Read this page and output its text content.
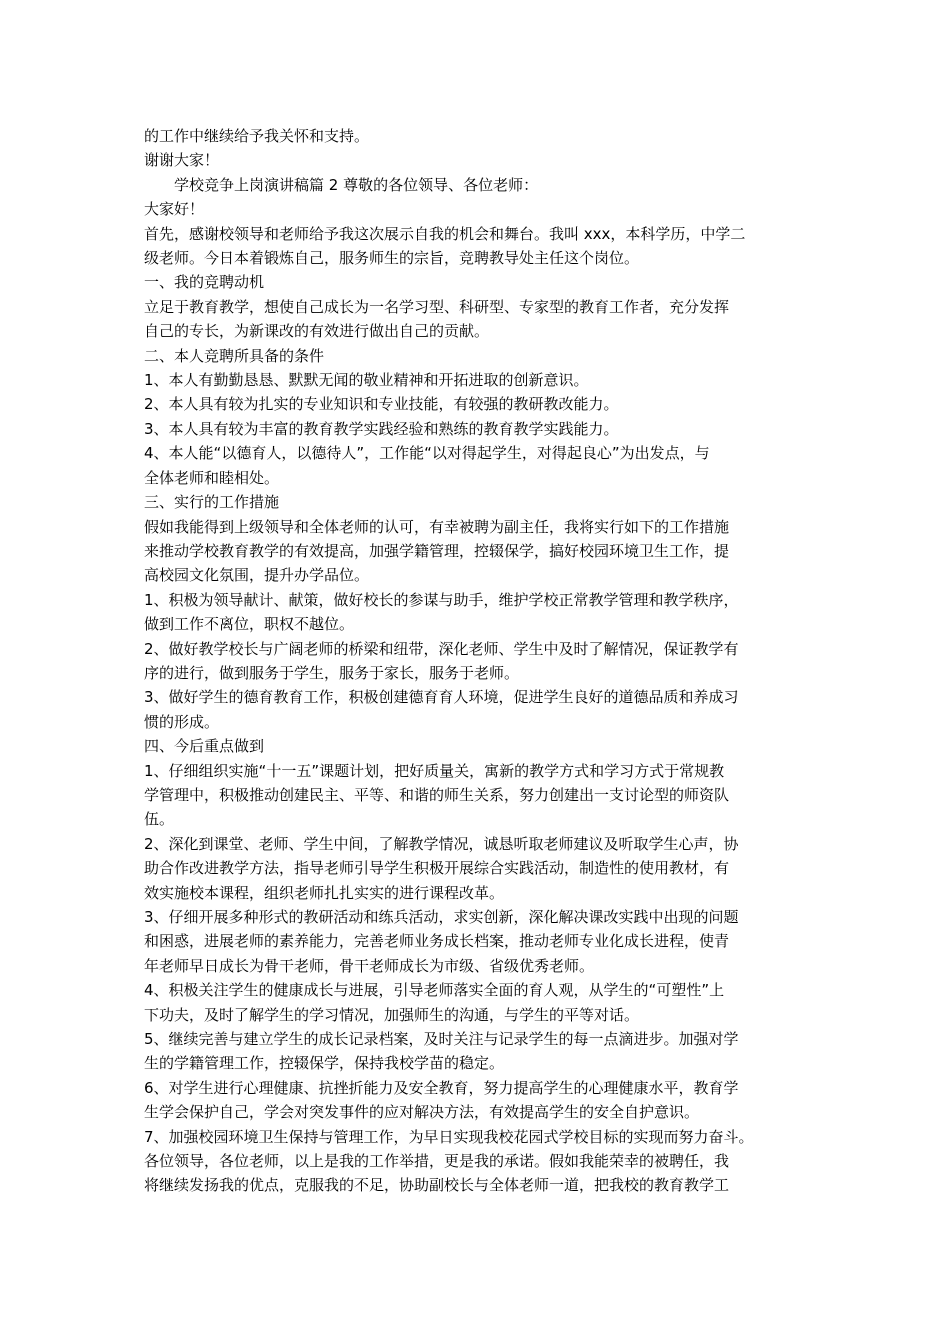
的工作中继续给予我关怀和支持。

谢谢大家！

学校竞争上岗演讲稿篇 2 尊敬的各位领导、各位老师：

大家好！

首先，感谢校领导和老师给予我这次展示自我的机会和舞台。我叫 xxx，本科学历，中学二

级老师。今日本着锻炼自己，服务师生的宗旨，竞聘教导处主任这个岗位。

一、我的竞聘动机

立足于教育教学，想使自己成长为一名学习型、科研型、专家型的教育工作者，充分发挥

自己的专长，为新课改的有效进行做出自己的贡献。

二、本人竞聘所具备的条件

1、本人有勤勤恳恳、默默无闻的敬业精神和开拓进取的创新意识。

2、本人具有较为扎实的专业知识和专业技能，有较强的教研教改能力。

3、本人具有较为丰富的教育教学实践经验和熟练的教育教学实践能力。

4、本人能“以德育人，以德待人”，工作能“以对得起学生，对得起良心”为出发点，与

全体老师和睦相处。

三、实行的工作措施

假如我能得到上级领导和全体老师的认可，有幸被聘为副主任，我将实行如下的工作措施

来推动学校教育教学的有效提高，加强学籍管理，控辍保学，搞好校园环境卫生工作，提

高校园文化氛围，提升办学品位。

1、积极为领导献计、献策，做好校长的参谋与助手，维护学校正常教学管理和教学秩序，

做到工作不离位，职权不越位。

2、做好教学校长与广阔老师的桥梁和纽带，深化老师、学生中及时了解情况，保证教学有

序的进行，做到服务于学生，服务于家长，服务于老师。

3、做好学生的德育教育工作，积极创建德育育人环境，促进学生良好的道德品质和养成习

惯的形成。

四、今后重点做到

1、仔细组织实施“十一五”课题计划，把好质量关，寓新的教学方式和学习方式于常规教

学管理中，积极推动创建民主、平等、和谐的师生关系，努力创建出一支讨论型的师资队

伍。

2、深化到课堂、老师、学生中间，了解教学情况，诚恳听取老师建议及听取学生心声，协

助合作改进教学方法，指导老师引导学生积极开展综合实践活动，制造性的使用教材，有

效实施校本课程，组织老师扎扎实实的进行课程改革。

3、仔细开展多种形式的教研活动和练兵活动，求实创新，深化解决课改实践中出现的问题

和困惑，进展老师的素养能力，完善老师业务成长档案，推动老师专业化成长进程，使青

年老师早日成长为骨干老师，骨干老师成长为市级、省级优秀老师。

4、积极关注学生的健康成长与进展，引导老师落实全面的育人观，从学生的“可塑性”上

下功夫，及时了解学生的学习情况，加强师生的沟通，与学生的平等对话。

5、继续完善与建立学生的成长记录档案，及时关注与记录学生的每一点滴进步。加强对学

生的学籍管理工作，控辍保学，保持我校学苗的稳定。

6、对学生进行心理健康、抗挫折能力及安全教育，努力提高学生的心理健康水平，教育学

生学会保护自己，学会对突发事件的应对解决方法，有效提高学生的安全自护意识。

7、加强校园环境卫生保持与管理工作，为早日实现我校花园式学校目标的实现而努力奋斗。

各位领导，各位老师，以上是我的工作举措，更是我的承诺。假如我能荣幸的被聘任，我

将继续发扬我的优点，克服我的不足，协助副校长与全体老师一道，把我校的教育教学工
